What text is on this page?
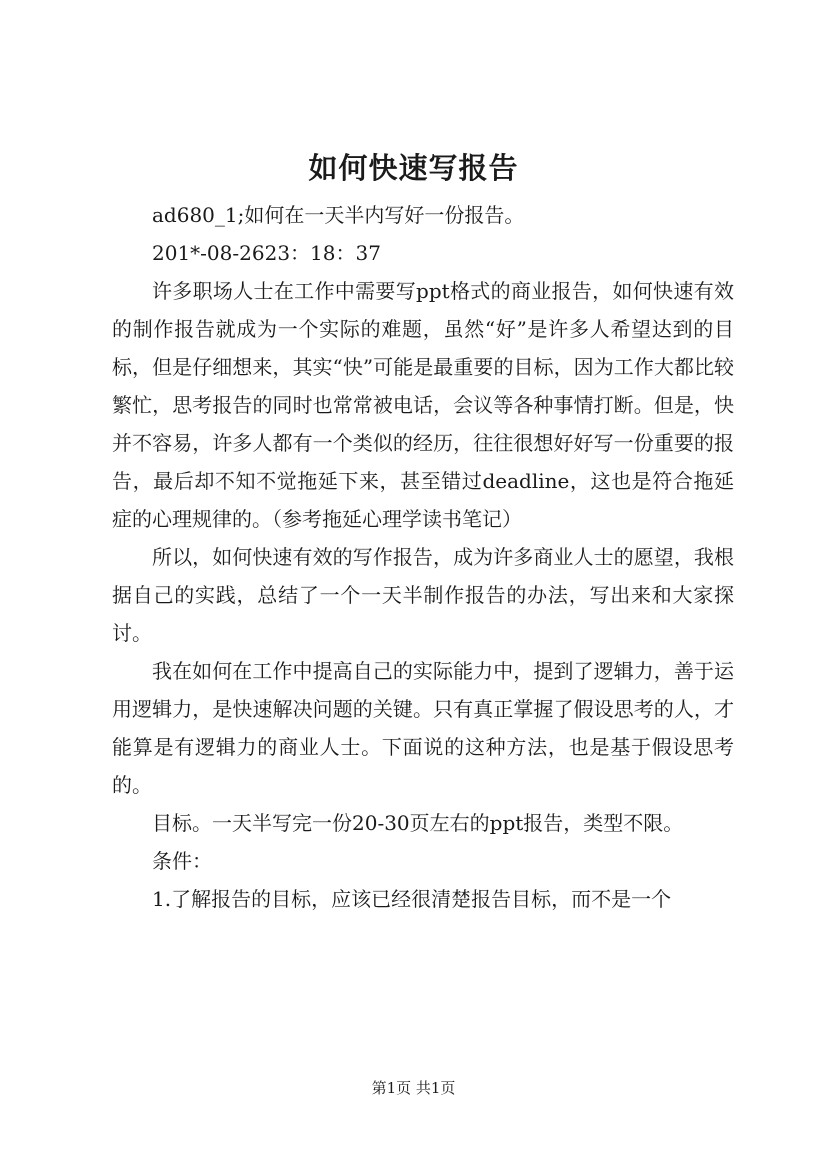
如何快速写报告

ad680_1;如何在一天半内写好一份报告。

201*-08-2623：18：37

许多职场人士在工作中需要写ppt格式的商业报告，如何快速有效的制作报告就成为一个实际的难题，虽然“好”是许多人希望达到的目标，但是仔细想来，其实“快”可能是最重要的目标，因为工作大都比较繁忙，思考报告的同时也常常被电话，会议等各种事情打断。但是，快并不容易，许多人都有一个类似的经历，往往很想好好写一份重要的报告，最后却不知不觉拖延下来，甚至错过deadline，这也是符合拖延症的心理规律的。（参考拖延心理学读书笔记）

所以，如何快速有效的写作报告，成为许多商业人士的愿望，我根据自己的实践，总结了一个一天半制作报告的办法，写出来和大家探讨。

我在如何在工作中提高自己的实际能力中，提到了逻辑力，善于运用逻辑力，是快速解决问题的关键。只有真正掌握了假设思考的人，才能算是有逻辑力的商业人士。下面说的这种方法，也是基于假设思考的。

目标。一天半写完一份20-30页左右的ppt报告，类型不限。

条件：

1.了解报告的目标，应该已经很清楚报告目标，而不是一个

第1页 共1页
